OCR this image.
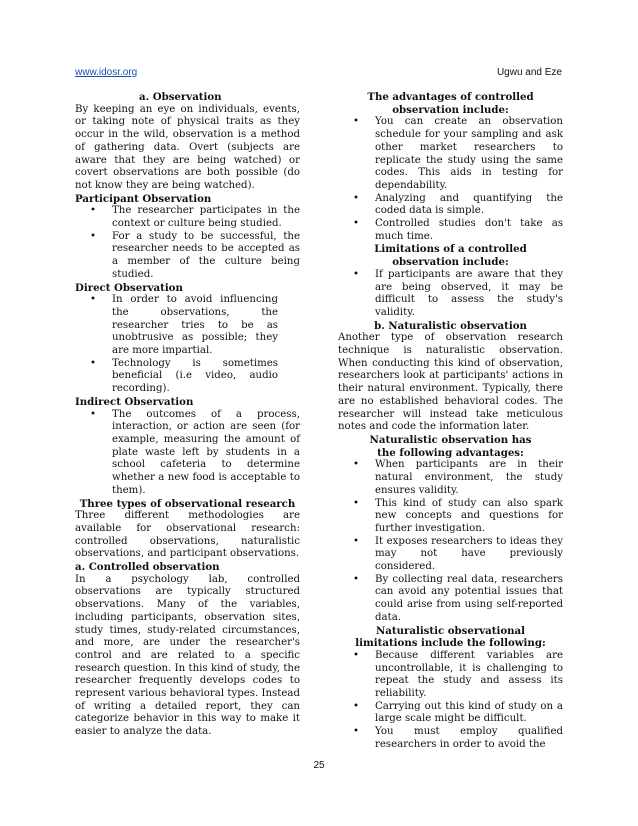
www.idosr.org	Ugwu and Eze

a. Observation

By keeping an eye on individuals, events, or taking note of physical traits as they occur in the wild, observation is a method of gathering data. Overt (subjects are aware that they are being watched) or covert observations are both possible (do not know they are being watched).

Participant Observation

• The researcher participates in the context or culture being studied.
• For a study to be successful, the researcher needs to be accepted as a member of the culture being studied.

Direct Observation

• In order to avoid influencing the observations, the researcher tries to be as unobtrusive as possible; they are more impartial.
• Technology is sometimes beneficial (i.e video, audio recording).

Indirect Observation

• The outcomes of a process, interaction, or action are seen (for example, measuring the amount of plate waste left by students in a school cafeteria to determine whether a new food is acceptable to them).

Three types of observational research

Three different methodologies are available for observational research: controlled observations, naturalistic observations, and participant observations.

a. Controlled observation

In a psychology lab, controlled observations are typically structured observations. Many of the variables, including participants, observation sites, study times, study-related circumstances, and more, are under the researcher's control and are related to a specific research question. In this kind of study, the researcher frequently develops codes to represent various behavioral types. Instead of writing a detailed report, they can categorize behavior in this way to make it easier to analyze the data.

The advantages of controlled observation include:

• You can create an observation schedule for your sampling and ask other market researchers to replicate the study using the same codes. This aids in testing for dependability.
• Analyzing and quantifying the coded data is simple.
• Controlled studies don't take as much time.

Limitations of a controlled observation include:

• If participants are aware that they are being observed, it may be difficult to assess the study's validity.

b. Naturalistic observation

Another type of observation research technique is naturalistic observation. When conducting this kind of observation, researchers look at participants' actions in their natural environment. Typically, there are no established behavioral codes. The researcher will instead take meticulous notes and code the information later.

Naturalistic observation has the following advantages:

• When participants are in their natural environment, the study ensures validity.
• This kind of study can also spark new concepts and questions for further investigation.
• It exposes researchers to ideas they may not have previously considered.
• By collecting real data, researchers can avoid any potential issues that could arise from using self-reported data.

Naturalistic observational limitations include the following:

• Because different variables are uncontrollable, it is challenging to repeat the study and assess its reliability.
• Carrying out this kind of study on a large scale might be difficult.
• You must employ qualified researchers in order to avoid the
25
